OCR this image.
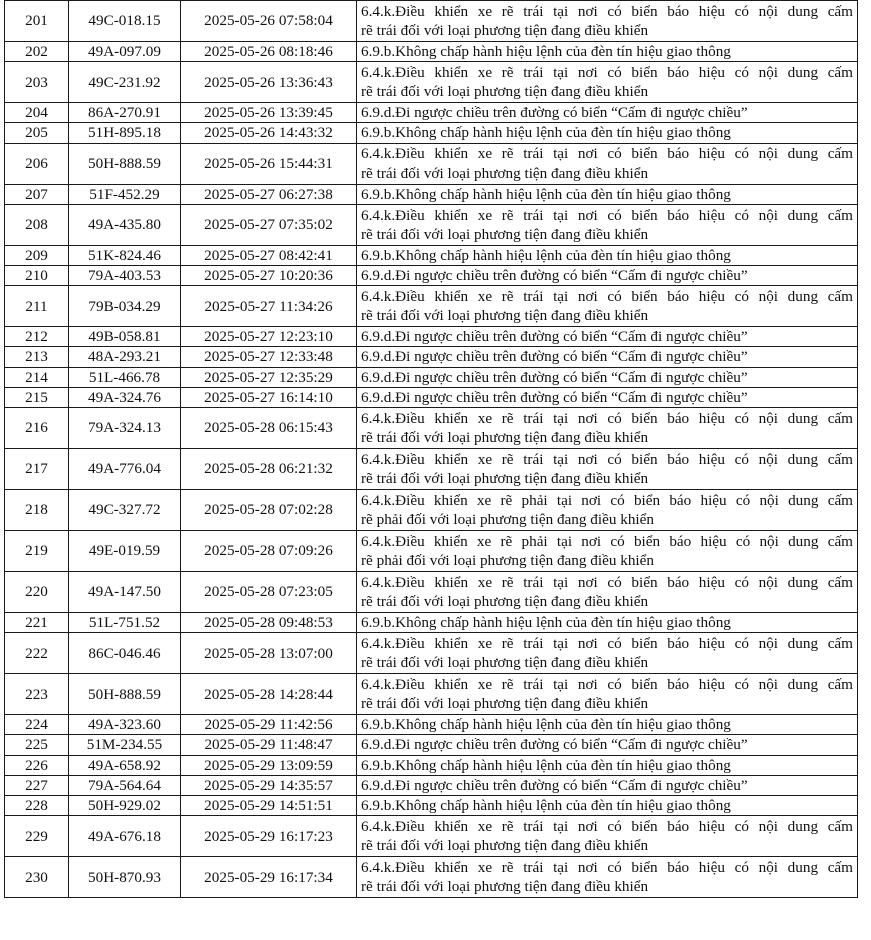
201	49C-018.15	2025-05-26 07:58:04	6.4.k.Điều khiển xe rẽ trái tại nơi có biển báo hiệu có nội dung cấm
rẽ trái đối với loại phương tiện đang điều khiển

202	49A-097.09	2025-05-26 08:18:46	6.9.b.Không chấp hành hiệu lệnh của đèn tín hiệu giao thông

203	49C-231.92	2025-05-26 13:36:43	6.4.k.Điều khiển xe rẽ trái tại nơi có biển báo hiệu có nội dung cấm
rẽ trái đối với loại phương tiện đang điều khiển

204	86A-270.91	2025-05-26 13:39:45	6.9.d.Đi ngược chiều trên đường có biển “Cấm đi ngược chiều”

205	51H-895.18	2025-05-26 14:43:32	6.9.b.Không chấp hành hiệu lệnh của đèn tín hiệu giao thông

206	50H-888.59	2025-05-26 15:44:31	6.4.k.Điều khiển xe rẽ trái tại nơi có biển báo hiệu có nội dung cấm
rẽ trái đối với loại phương tiện đang điều khiển

207	51F-452.29	2025-05-27 06:27:38	6.9.b.Không chấp hành hiệu lệnh của đèn tín hiệu giao thông

208	49A-435.80	2025-05-27 07:35:02	6.4.k.Điều khiển xe rẽ trái tại nơi có biển báo hiệu có nội dung cấm
rẽ trái đối với loại phương tiện đang điều khiển

209	51K-824.46	2025-05-27 08:42:41	6.9.b.Không chấp hành hiệu lệnh của đèn tín hiệu giao thông

210	79A-403.53	2025-05-27 10:20:36	6.9.d.Đi ngược chiều trên đường có biển “Cấm đi ngược chiều”

211	79B-034.29	2025-05-27 11:34:26	6.4.k.Điều khiển xe rẽ trái tại nơi có biển báo hiệu có nội dung cấm
rẽ trái đối với loại phương tiện đang điều khiển

212	49B-058.81	2025-05-27 12:23:10	6.9.d.Đi ngược chiều trên đường có biển “Cấm đi ngược chiều”

213	48A-293.21	2025-05-27 12:33:48	6.9.d.Đi ngược chiều trên đường có biển “Cấm đi ngược chiều”

214	51L-466.78	2025-05-27 12:35:29	6.9.d.Đi ngược chiều trên đường có biển “Cấm đi ngược chiều”

215	49A-324.76	2025-05-27 16:14:10	6.9.d.Đi ngược chiều trên đường có biển “Cấm đi ngược chiều”

216	79A-324.13	2025-05-28 06:15:43	6.4.k.Điều khiển xe rẽ trái tại nơi có biển báo hiệu có nội dung cấm
rẽ trái đối với loại phương tiện đang điều khiển

217	49A-776.04	2025-05-28 06:21:32	6.4.k.Điều khiển xe rẽ trái tại nơi có biển báo hiệu có nội dung cấm
rẽ trái đối với loại phương tiện đang điều khiển

218	49C-327.72	2025-05-28 07:02:28	6.4.k.Điều khiển xe rẽ phải tại nơi có biển báo hiệu có nội dung cấm
rẽ phải đối với loại phương tiện đang điều khiển

219	49E-019.59	2025-05-28 07:09:26	6.4.k.Điều khiển xe rẽ phải tại nơi có biển báo hiệu có nội dung cấm
rẽ phải đối với loại phương tiện đang điều khiển

220	49A-147.50	2025-05-28 07:23:05	6.4.k.Điều khiển xe rẽ trái tại nơi có biển báo hiệu có nội dung cấm
rẽ trái đối với loại phương tiện đang điều khiển

221	51L-751.52	2025-05-28 09:48:53	6.9.b.Không chấp hành hiệu lệnh của đèn tín hiệu giao thông

222	86C-046.46	2025-05-28 13:07:00	6.4.k.Điều khiển xe rẽ trái tại nơi có biển báo hiệu có nội dung cấm
rẽ trái đối với loại phương tiện đang điều khiển

223	50H-888.59	2025-05-28 14:28:44	6.4.k.Điều khiển xe rẽ trái tại nơi có biển báo hiệu có nội dung cấm
rẽ trái đối với loại phương tiện đang điều khiển

224	49A-323.60	2025-05-29 11:42:56	6.9.b.Không chấp hành hiệu lệnh của đèn tín hiệu giao thông

225	51M-234.55	2025-05-29 11:48:47	6.9.d.Đi ngược chiều trên đường có biển “Cấm đi ngược chiều”

226	49A-658.92	2025-05-29 13:09:59	6.9.b.Không chấp hành hiệu lệnh của đèn tín hiệu giao thông

227	79A-564.64	2025-05-29 14:35:57	6.9.d.Đi ngược chiều trên đường có biển “Cấm đi ngược chiều”

228	50H-929.02	2025-05-29 14:51:51	6.9.b.Không chấp hành hiệu lệnh của đèn tín hiệu giao thông

229	49A-676.18	2025-05-29 16:17:23	6.4.k.Điều khiển xe rẽ trái tại nơi có biển báo hiệu có nội dung cấm
rẽ trái đối với loại phương tiện đang điều khiển

230	50H-870.93	2025-05-29 16:17:34	6.4.k.Điều khiển xe rẽ trái tại nơi có biển báo hiệu có nội dung cấm
rẽ trái đối với loại phương tiện đang điều khiển
